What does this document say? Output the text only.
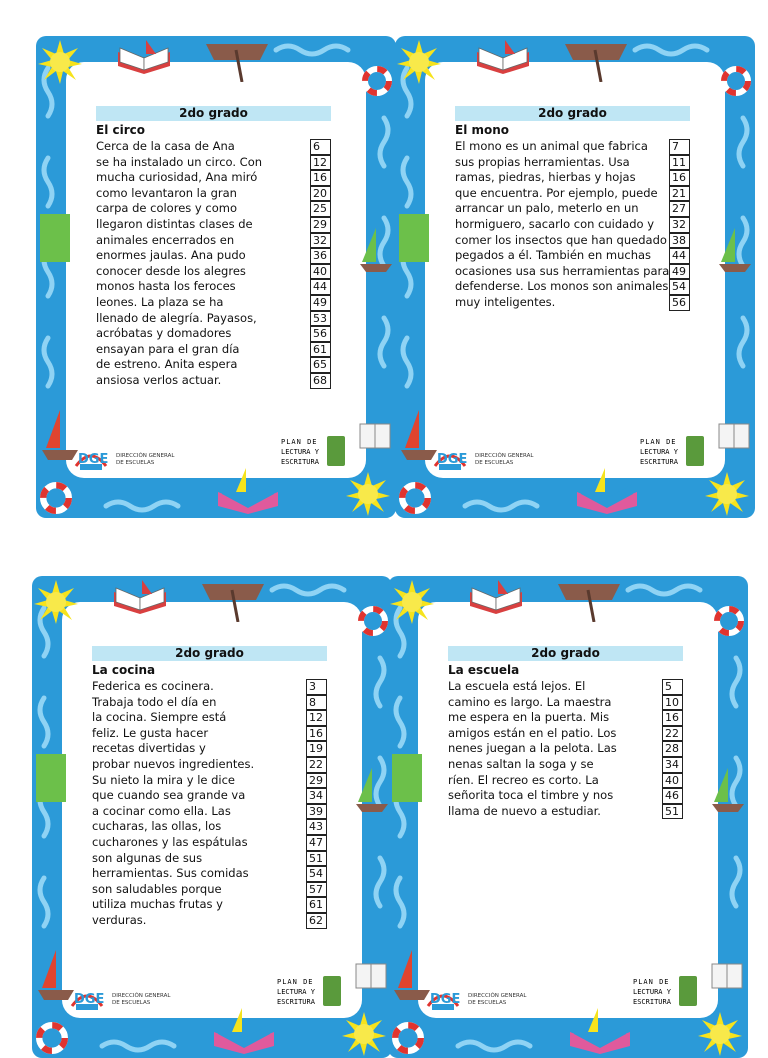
2do grado
El circo
Cerca de la casa de Ana
se ha instalado un circo. Con
mucha curiosidad, Ana miró
como levantaron la gran
carpa de colores y como
llegaron distintas clases de
animales encerrados en
enormes jaulas. Ana pudo
conocer desde los alegres
monos hasta los feroces
leones. La plaza se ha
llenado de alegría. Payasos,
acróbatas y domadores
ensayan para el gran día
de estreno. Anita espera
ansiosa verlos actuar.
6
12
16
20
25
29
32
36
40
44
49
53
56
61
65
68
DGE DIRECCIÓN GENERAL
DE ESCUELAS
PLAN DE
LECTURA Y
ESCRITURA
2do grado
El mono
El mono es un animal que fabrica
sus propias herramientas. Usa
ramas, piedras, hierbas y hojas
que encuentra. Por ejemplo, puede
arrancar un palo, meterlo en un
hormiguero, sacarlo con cuidado y
comer los insectos que han quedado
pegados a él. También en muchas
ocasiones usa sus herramientas para
defenderse. Los monos son animales
muy inteligentes.
7
11
16
21
27
32
38
44
49
54
56
DGE DIRECCIÓN GENERAL
DE ESCUELAS
PLAN DE
LECTURA Y
ESCRITURA
2do grado
La cocina
Federica es cocinera.
Trabaja todo el día en
la cocina. Siempre está
feliz. Le gusta hacer
recetas divertidas y
probar nuevos ingredientes.
Su nieto la mira y le dice
que cuando sea grande va
a cocinar como ella. Las
cucharas, las ollas, los
cucharones y las espátulas
son algunas de sus
herramientas. Sus comidas
son saludables porque
utiliza muchas frutas y
verduras.
3
8
12
16
19
22
29
34
39
43
47
51
54
57
61
62
DGE DIRECCIÓN GENERAL
DE ESCUELAS
PLAN DE
LECTURA Y
ESCRITURA
2do grado
La escuela
La escuela está lejos. El
camino es largo. La maestra
me espera en la puerta. Mis
amigos están en el patio. Los
nenes juegan a la pelota. Las
nenas saltan la soga y se
ríen. El recreo es corto. La
señorita toca el timbre y nos
llama de nuevo a estudiar.
5
10
16
22
28
34
40
46
51
DGE DIRECCIÓN GENERAL
DE ESCUELAS
PLAN DE
LECTURA Y
ESCRITURA
